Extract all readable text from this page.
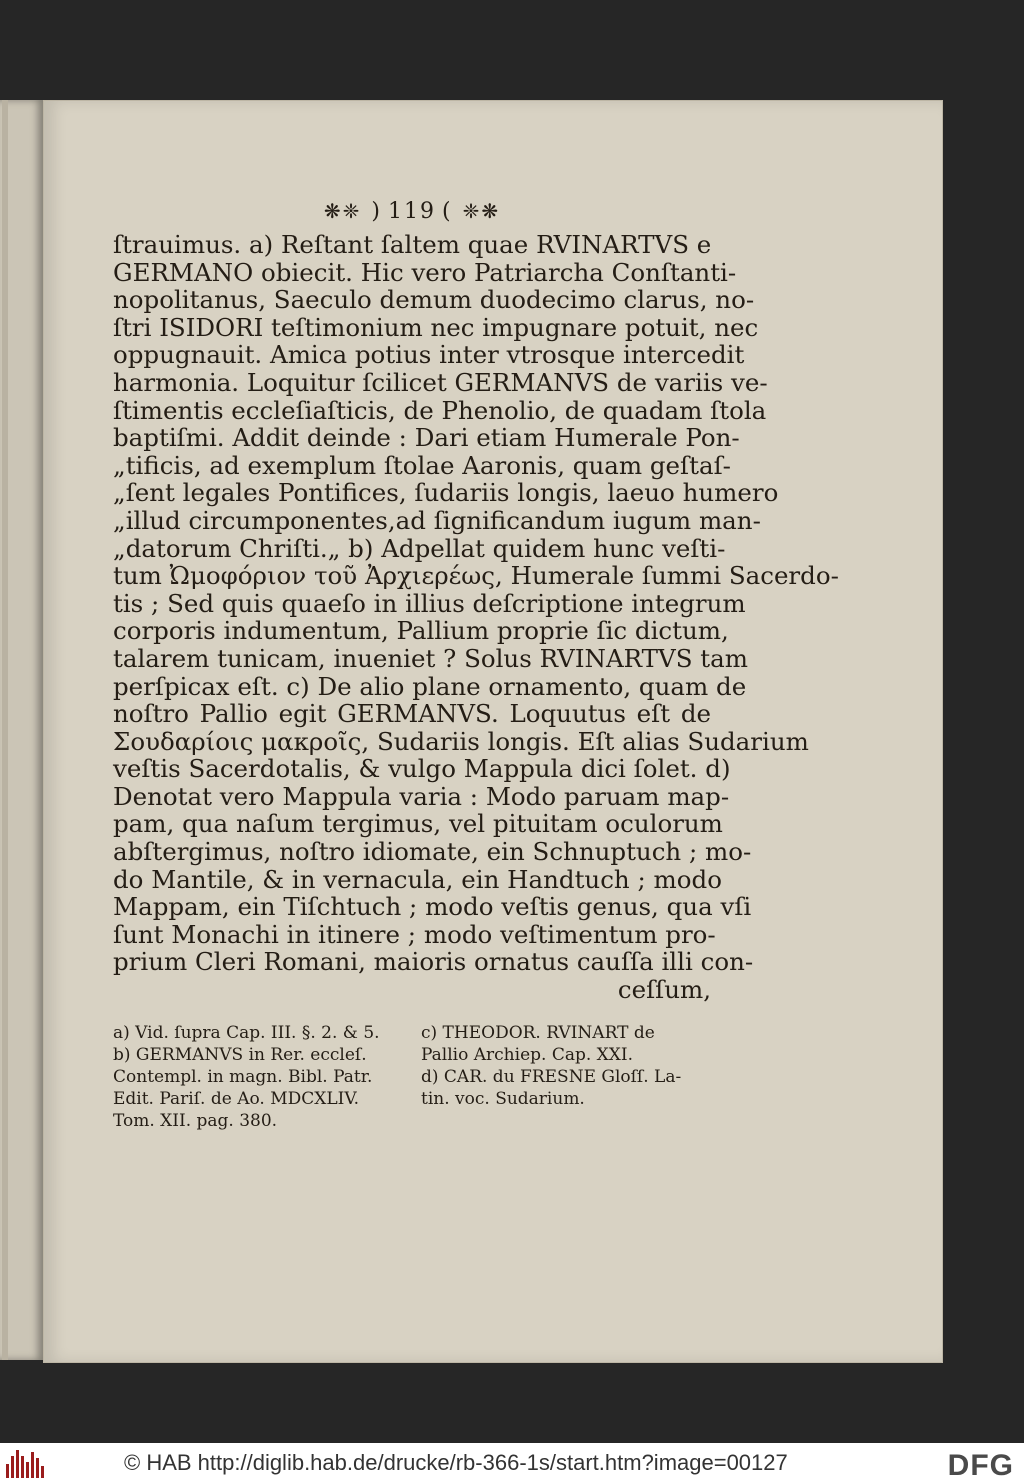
❋❈ ) 119 ( ❈❋
ſtrauimus. a) Reſtant ſaltem quae RVINARTVS e
GERMANO obiecit. Hic vero Patriarcha Conſtanti-
nopolitanus, Saeculo demum duodecimo clarus, no-
ſtri ISIDORI teſtimonium nec impugnare potuit, nec
oppugnauit. Amica potius inter vtrosque intercedit
harmonia. Loquitur ſcilicet GERMANVS de variis ve-
ſtimentis eccleſiaſticis, de Phenolio, de quadam ſtola
baptiſmi. Addit deinde : Dari etiam Humerale Pon-
„tificis, ad exemplum ſtolae Aaronis, quam geſtaſ-
„ſent legales Pontifices, ſudariis longis, laeuo humero
„illud circumponentes,ad ſignificandum iugum man-
„datorum Chriſti.„ b) Adpellat quidem hunc veſti-
tum Ὠμοφόριον τοῦ Ἀρχιερέως, Humerale ſummi Sacerdo-
tis ; Sed quis quaeſo in illius deſcriptione integrum
corporis indumentum, Pallium proprie ſic dictum,
talarem tunicam, inueniet ? Solus RVINARTVS tam
perſpicax eſt. c) De alio plane ornamento, quam de
noſtro Pallio egit GERMANVS. Loquutus eſt de
Σουδαρίοις μακροῖς, Sudariis longis. Eſt alias Sudarium
veſtis Sacerdotalis, & vulgo Mappula dici ſolet. d)
Denotat vero Mappula varia : Modo paruam map-
pam, qua naſum tergimus, vel pituitam oculorum
abſtergimus, noſtro idiomate, ein Schnuptuch ; mo-
do Mantile, & in vernacula, ein Handtuch ; modo
Mappam, ein Tiſchtuch ; modo veſtis genus, qua vſi
ſunt Monachi in itinere ; modo veſtimentum pro-
prium Cleri Romani, maioris ornatus cauſſa illi con-
ceſſum,
a) Vid. ſupra Cap. III. §. 2. & 5.
b) GERMANVS in Rer. eccleſ.
Contempl. in magn. Bibl. Patr.
Edit. Pariſ. de Ao. MDCXLIV.
Tom. XII. pag. 380.
c) THEODOR. RVINART de
Pallio Archiep. Cap. XXI.
d) CAR. du FRESNE Gloſſ. La-
tin. voc. Sudarium.
© HAB http://diglib.hab.de/drucke/rb-366-1s/start.htm?image=00127	DFG
